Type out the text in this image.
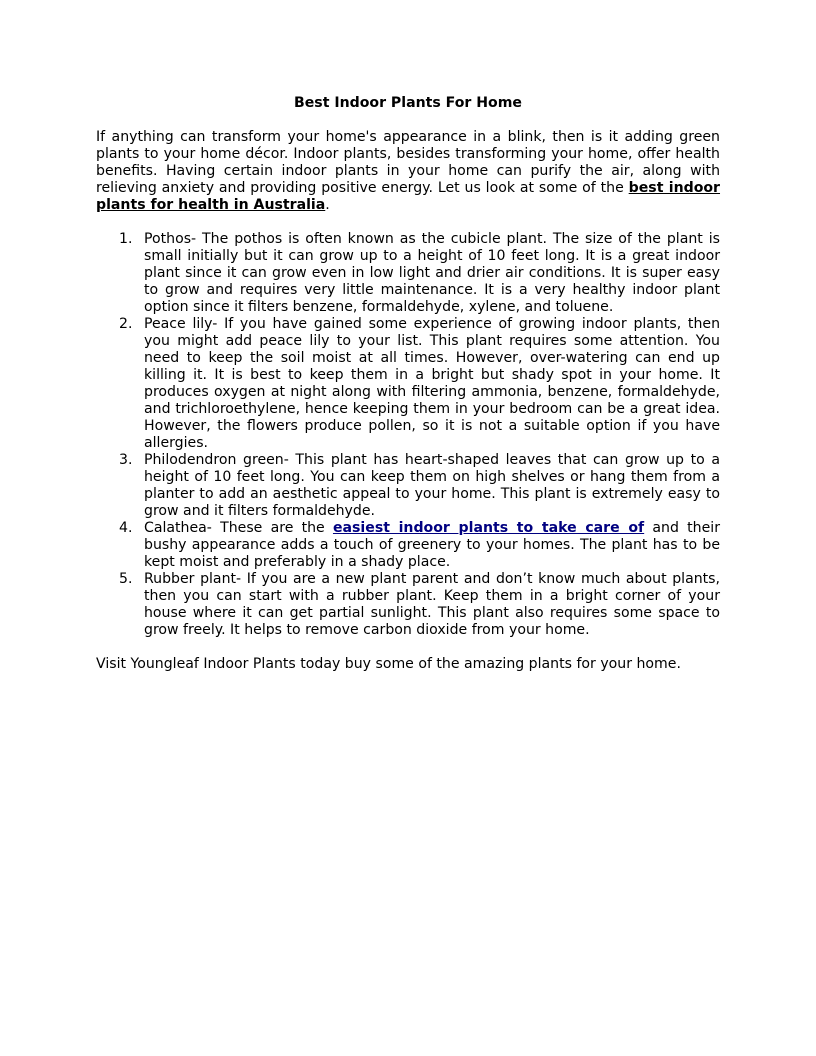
Best Indoor Plants For Home

If anything can transform your home's appearance in a blink, then is it adding green plants to your home décor. Indoor plants, besides transforming your home, offer health benefits. Having certain indoor plants in your home can purify the air, along with relieving anxiety and providing positive energy. Let us look at some of the best indoor plants for health in Australia.

1. Pothos- The pothos is often known as the cubicle plant. The size of the plant is small initially but it can grow up to a height of 10 feet long. It is a great indoor plant since it can grow even in low light and drier air conditions. It is super easy to grow and requires very little maintenance. It is a very healthy indoor plant option since it filters benzene, formaldehyde, xylene, and toluene.
2. Peace lily- If you have gained some experience of growing indoor plants, then you might add peace lily to your list. This plant requires some attention. You need to keep the soil moist at all times. However, over-watering can end up killing it. It is best to keep them in a bright but shady spot in your home. It produces oxygen at night along with filtering ammonia, benzene, formaldehyde, and trichloroethylene, hence keeping them in your bedroom can be a great idea. However, the flowers produce pollen, so it is not a suitable option if you have allergies.
3. Philodendron green- This plant has heart-shaped leaves that can grow up to a height of 10 feet long. You can keep them on high shelves or hang them from a planter to add an aesthetic appeal to your home. This plant is extremely easy to grow and it filters formaldehyde.
4. Calathea- These are the easiest indoor plants to take care of and their bushy appearance adds a touch of greenery to your homes. The plant has to be kept moist and preferably in a shady place.
5. Rubber plant- If you are a new plant parent and don’t know much about plants, then you can start with a rubber plant. Keep them in a bright corner of your house where it can get partial sunlight. This plant also requires some space to grow freely. It helps to remove carbon dioxide from your home.

Visit Youngleaf Indoor Plants today buy some of the amazing plants for your home.
